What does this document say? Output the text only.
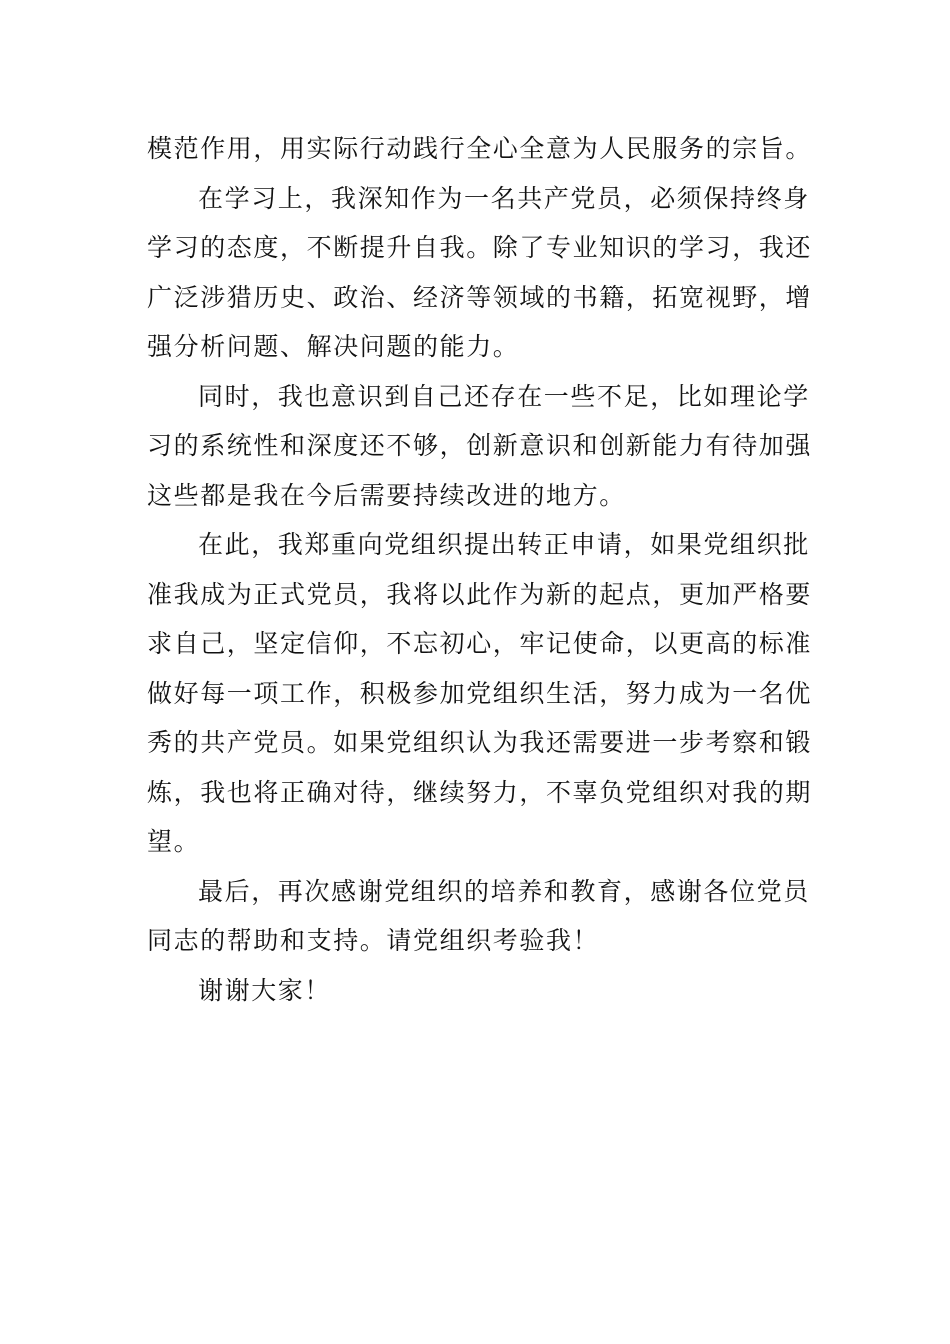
模范作用，用实际行动践行全心全意为人民服务的宗旨。
在学习上，我深知作为一名共产党员，必须保持终身
学习的态度，不断提升自我。除了专业知识的学习，我还
广泛涉猎历史、政治、经济等领域的书籍，拓宽视野，增
强分析问题、解决问题的能力。
同时，我也意识到自己还存在一些不足，比如理论学
习的系统性和深度还不够，创新意识和创新能力有待加强
这些都是我在今后需要持续改进的地方。
在此，我郑重向党组织提出转正申请，如果党组织批
准我成为正式党员，我将以此作为新的起点，更加严格要
求自己，坚定信仰，不忘初心，牢记使命，以更高的标准
做好每一项工作，积极参加党组织生活，努力成为一名优
秀的共产党员。如果党组织认为我还需要进一步考察和锻
炼，我也将正确对待，继续努力，不辜负党组织对我的期
望。
最后，再次感谢党组织的培养和教育，感谢各位党员
同志的帮助和支持。请党组织考验我！
谢谢大家！
